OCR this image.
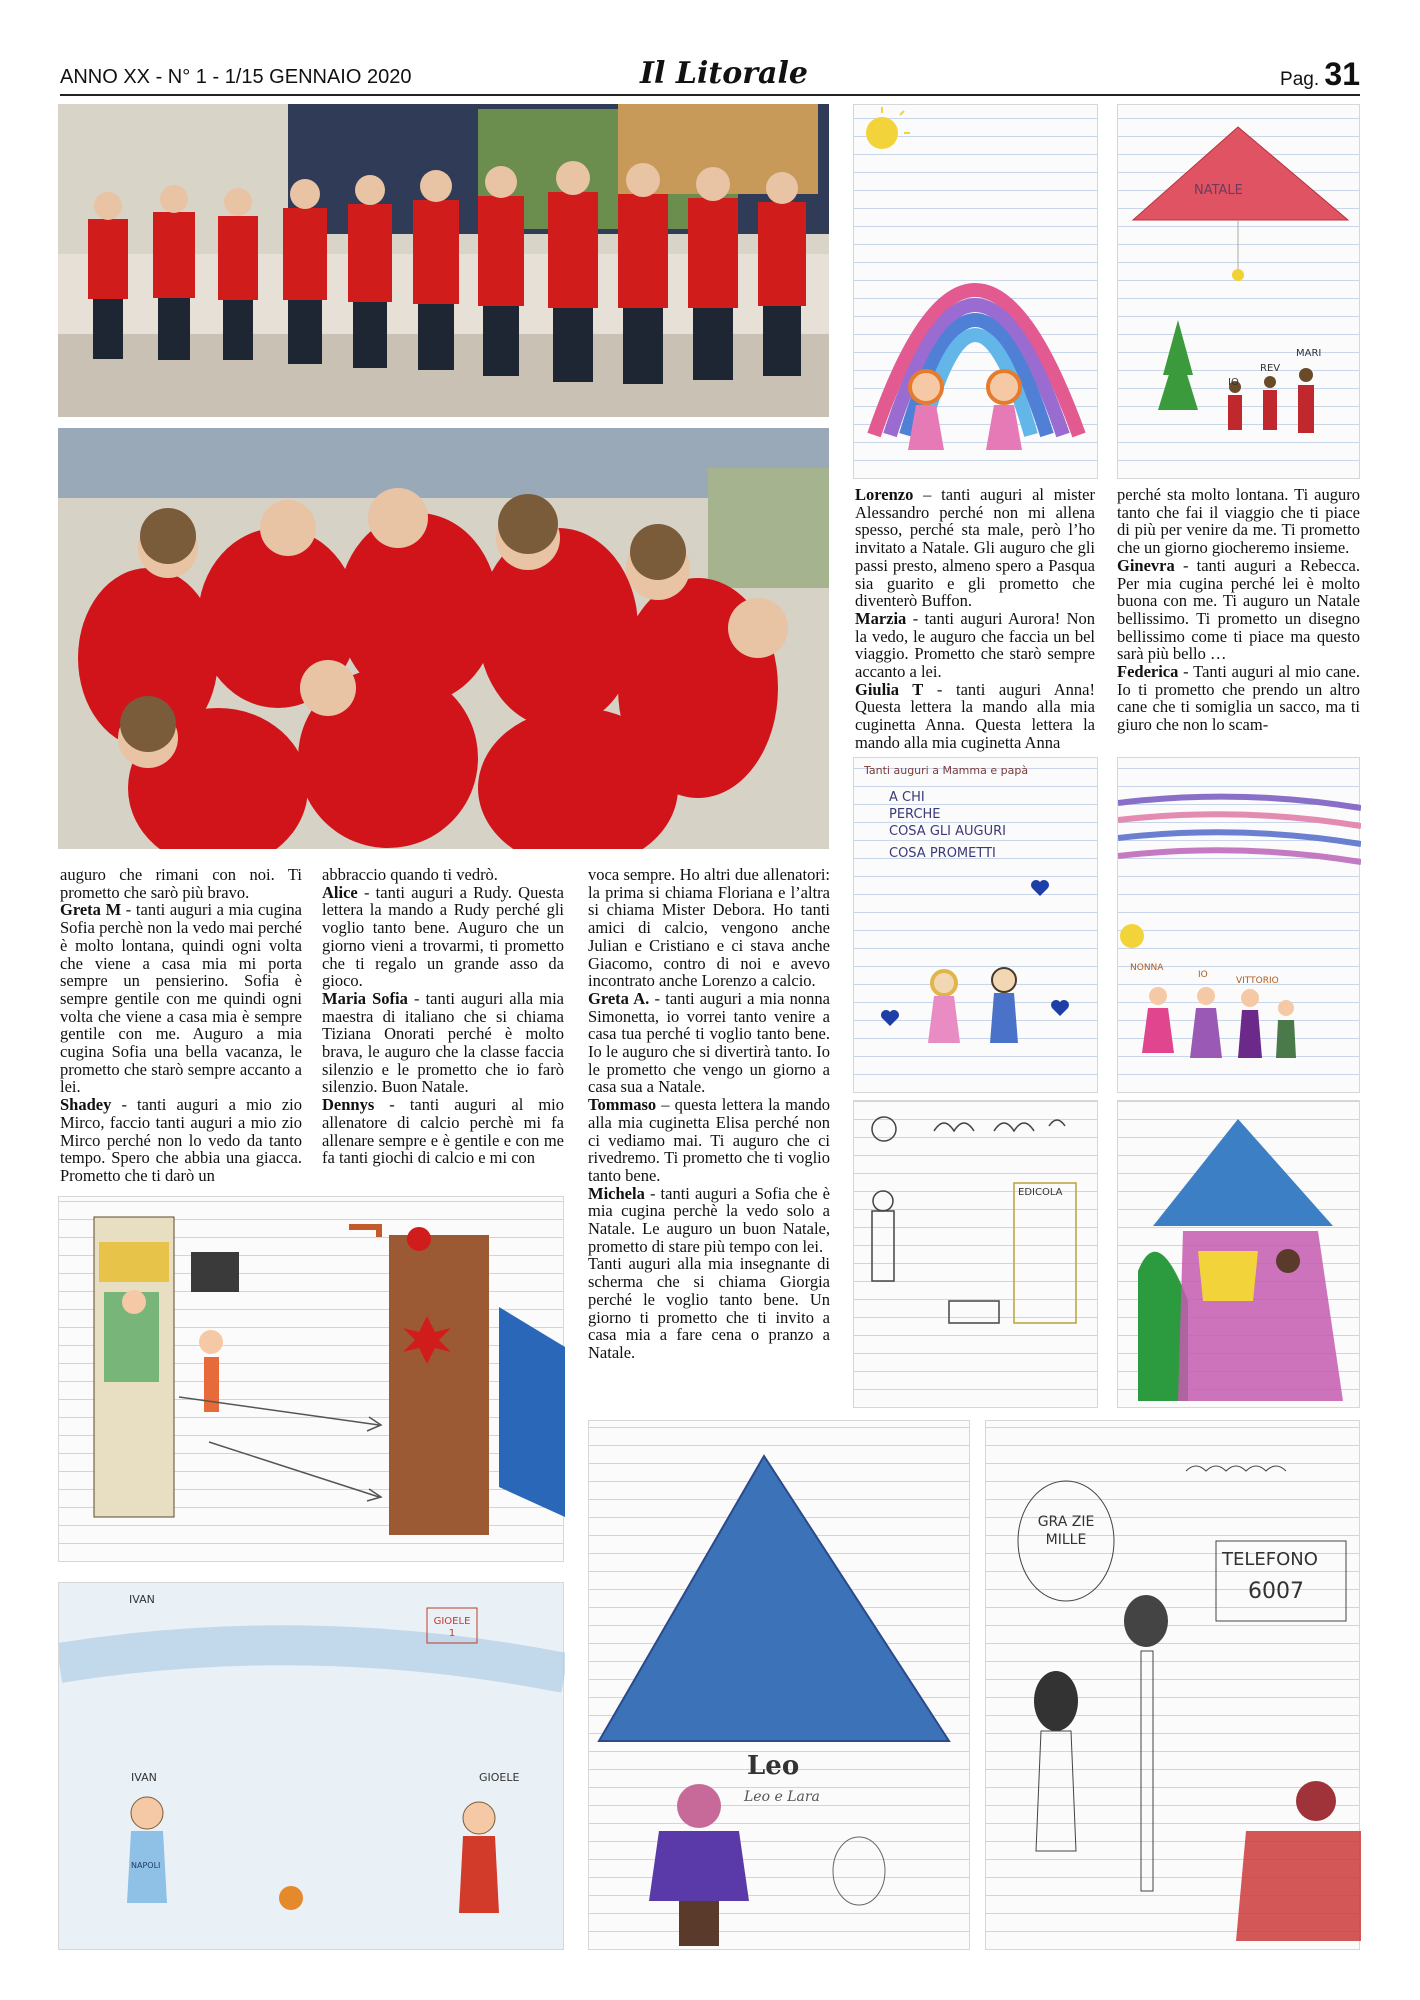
ANNO XX - N° 1 - 1/15 GENNAIO 2020	Il Litorale	Pag. 31

auguro che rimani con noi. Ti prometto che sarò più bravo.

Greta M - tanti auguri a mia cugina Sofia perchè non la vedo mai perché è molto lontana, quindi ogni volta che viene a casa mia mi porta sempre un pensierino. Sofia è sempre gentile con me quindi ogni volta che viene a casa mia è sempre gentile con me. Auguro a mia cugina Sofia una bella vacanza, le prometto che starò sempre accanto a lei.

Shadey - tanti auguri a mio zio Mirco, faccio tanti auguri a mio zio Mirco perché non lo vedo da tanto tempo. Spero che abbia una giacca. Prometto che ti darò un

abbraccio quando ti vedrò.

Alice - tanti auguri a Rudy. Questa lettera la mando a Rudy perché gli voglio tanto bene. Auguro che un giorno vieni a trovarmi, ti prometto che ti regalo un grande asso da gioco.

Maria Sofia - tanti auguri alla mia maestra di italiano che si chiama Tiziana Onorati perché è molto brava, le auguro che la classe faccia silenzio e le prometto che io farò silenzio. Buon Natale.

Dennys - tanti auguri al mio allenatore di calcio perchè mi fa allenare sempre e è gentile e con me fa tanti giochi di calcio e mi con

voca sempre. Ho altri due allenatori: la prima si chiama Floriana e l’altra si chiama Mister Debora. Ho tanti amici di calcio, vengono anche Julian e Cristiano e ci stava anche Giacomo, contro di noi e avevo incontrato anche Lorenzo a calcio.

Greta A. - tanti auguri a mia nonna Simonetta, io vorrei tanto venire a casa tua perché ti voglio tanto bene. Io le auguro che si divertirà tanto. Io le prometto che vengo un giorno a casa sua a Natale.

Tommaso – questa lettera la mando alla mia cuginetta Elisa perché non ci vediamo mai. Ti auguro che ci rivedremo. Ti prometto che ti voglio tanto bene.

Michela - tanti auguri a Sofia che è mia cugina perchè la vedo solo a Natale. Le auguro un buon Natale, prometto di stare più tempo con lei.

Tanti auguri alla mia insegnante di scherma che si chiama Giorgia perché le voglio tanto bene. Un giorno ti prometto che ti invito a casa mia a fare cena o pranzo a Natale.

Lorenzo – tanti auguri al mister Alessandro perché non mi allena spesso, perché sta male, però l’ho invitato a Natale. Gli auguro che gli passi presto, almeno spero a Pasqua sia guarito e gli prometto che diventerò Buffon.

Marzia - tanti auguri Aurora! Non la vedo, le auguro che faccia un bel viaggio. Prometto che starò sempre accanto a lei.

Giulia T - tanti auguri Anna! Questa lettera la mando alla mia cuginetta Anna. Questa lettera la mando alla mia cuginetta Anna

perché sta molto lontana. Ti auguro tanto che fai il viaggio che ti piace di più per venire da me. Ti prometto che un giorno giocheremo insieme.

Ginevra - tanti auguri a Rebecca. Per mia cugina perché lei è molto buona con me. Ti auguro un Natale bellissimo. Ti prometto un disegno bellissimo come ti piace ma questo sarà più bello …

Federica - Tanti auguri al mio cane. Io ti prometto che prendo un altro cane che ti somiglia un sacco, ma ti giuro che non lo scam-

NATALE
MARI
IO
REV
Tanti auguri a Mamma e papà
A CHI
PERCHE
COSA GLI AUGURI
COSA PROMETTI
NONNA
IO
VITTORIO
EDICOLA
IVAN
GIOELE 1
IVAN	GIOELE
NAPOLI
Leo
Leo e Lara
GRA ZIE MILLE
TELEFONO
6007
